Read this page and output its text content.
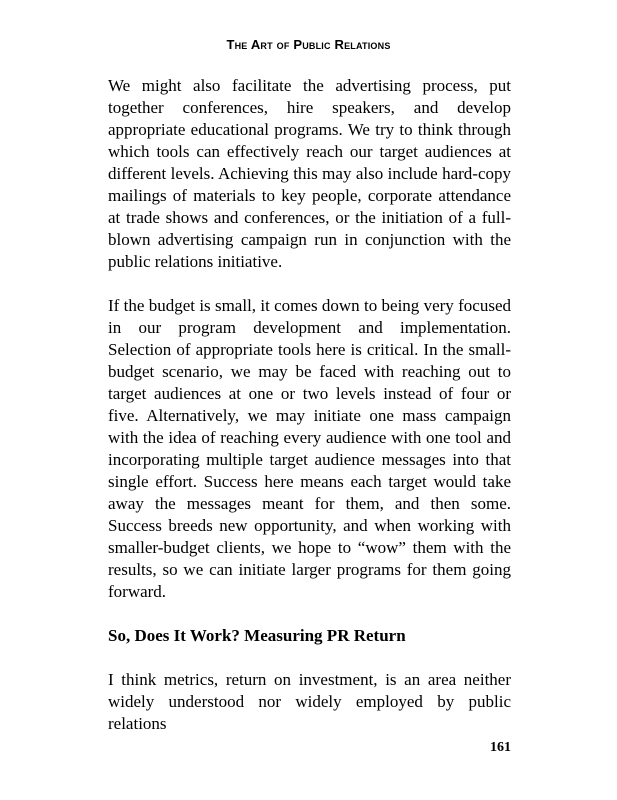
The Art of Public Relations

We might also facilitate the advertising process, put together conferences, hire speakers, and develop appropriate educational programs. We try to think through which tools can effectively reach our target audiences at different levels. Achieving this may also include hard-copy mailings of materials to key people, corporate attendance at trade shows and conferences, or the initiation of a full-blown advertising campaign run in conjunction with the public relations initiative.

If the budget is small, it comes down to being very focused in our program development and implementation. Selection of appropriate tools here is critical. In the small-budget scenario, we may be faced with reaching out to target audiences at one or two levels instead of four or five. Alternatively, we may initiate one mass campaign with the idea of reaching every audience with one tool and incorporating multiple target audience messages into that single effort. Success here means each target would take away the messages meant for them, and then some. Success breeds new opportunity, and when working with smaller-budget clients, we hope to “wow” them with the results, so we can initiate larger programs for them going forward.

So, Does It Work? Measuring PR Return

I think metrics, return on investment, is an area neither widely understood nor widely employed by public relations

161
